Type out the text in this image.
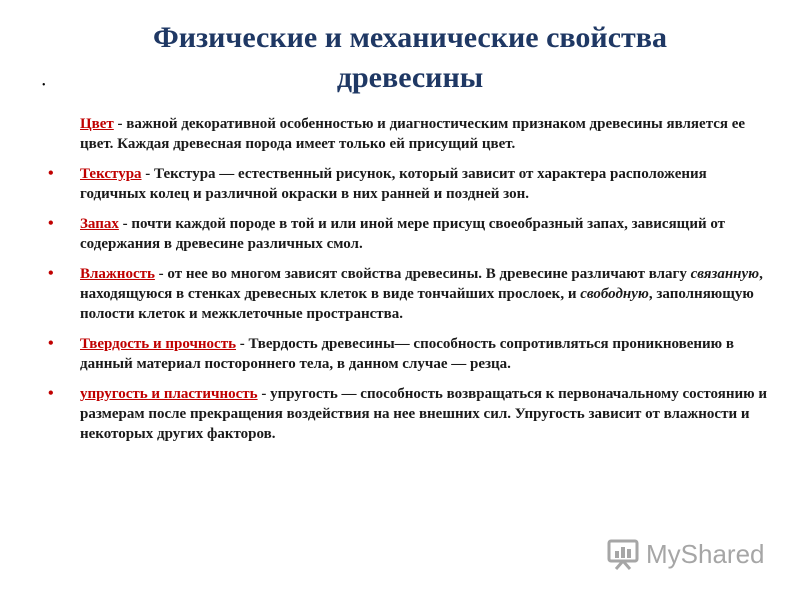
Физические и механические свойства древесины
•
Цвет - важной декоративной особенностью и диагностическим признаком древесины является ее цвет. Каждая древесная порода имеет только ей присущий цвет.
• Текстура - Текстура — естественный рисунок, который зависит от характера расположения годичных колец и различной окраски в них ранней и поздней зон.
• Запах - почти каждой породе в той и или иной мере присущ своеобразный запах, зависящий от содержания в древесине различных смол.
• Влажность - от нее во многом зависят свойства древесины. В древесине различают влагу связанную, находящуюся в стенках древесных клеток в виде тончайших прослоек, и свободную, заполняющую полости клеток и межклеточные пространства.
• Твердость и прочность - Твердость древесины— способность сопротивляться проникновению в данный материал постороннего тела, в данном случае — резца.
• упругость и пластичность - упругость — способность возвращаться к первоначальному состоянию и размерам после прекращения воздействия на нее внешних сил. Упругость зависит от влажности и некоторых других факторов.
MyShared
